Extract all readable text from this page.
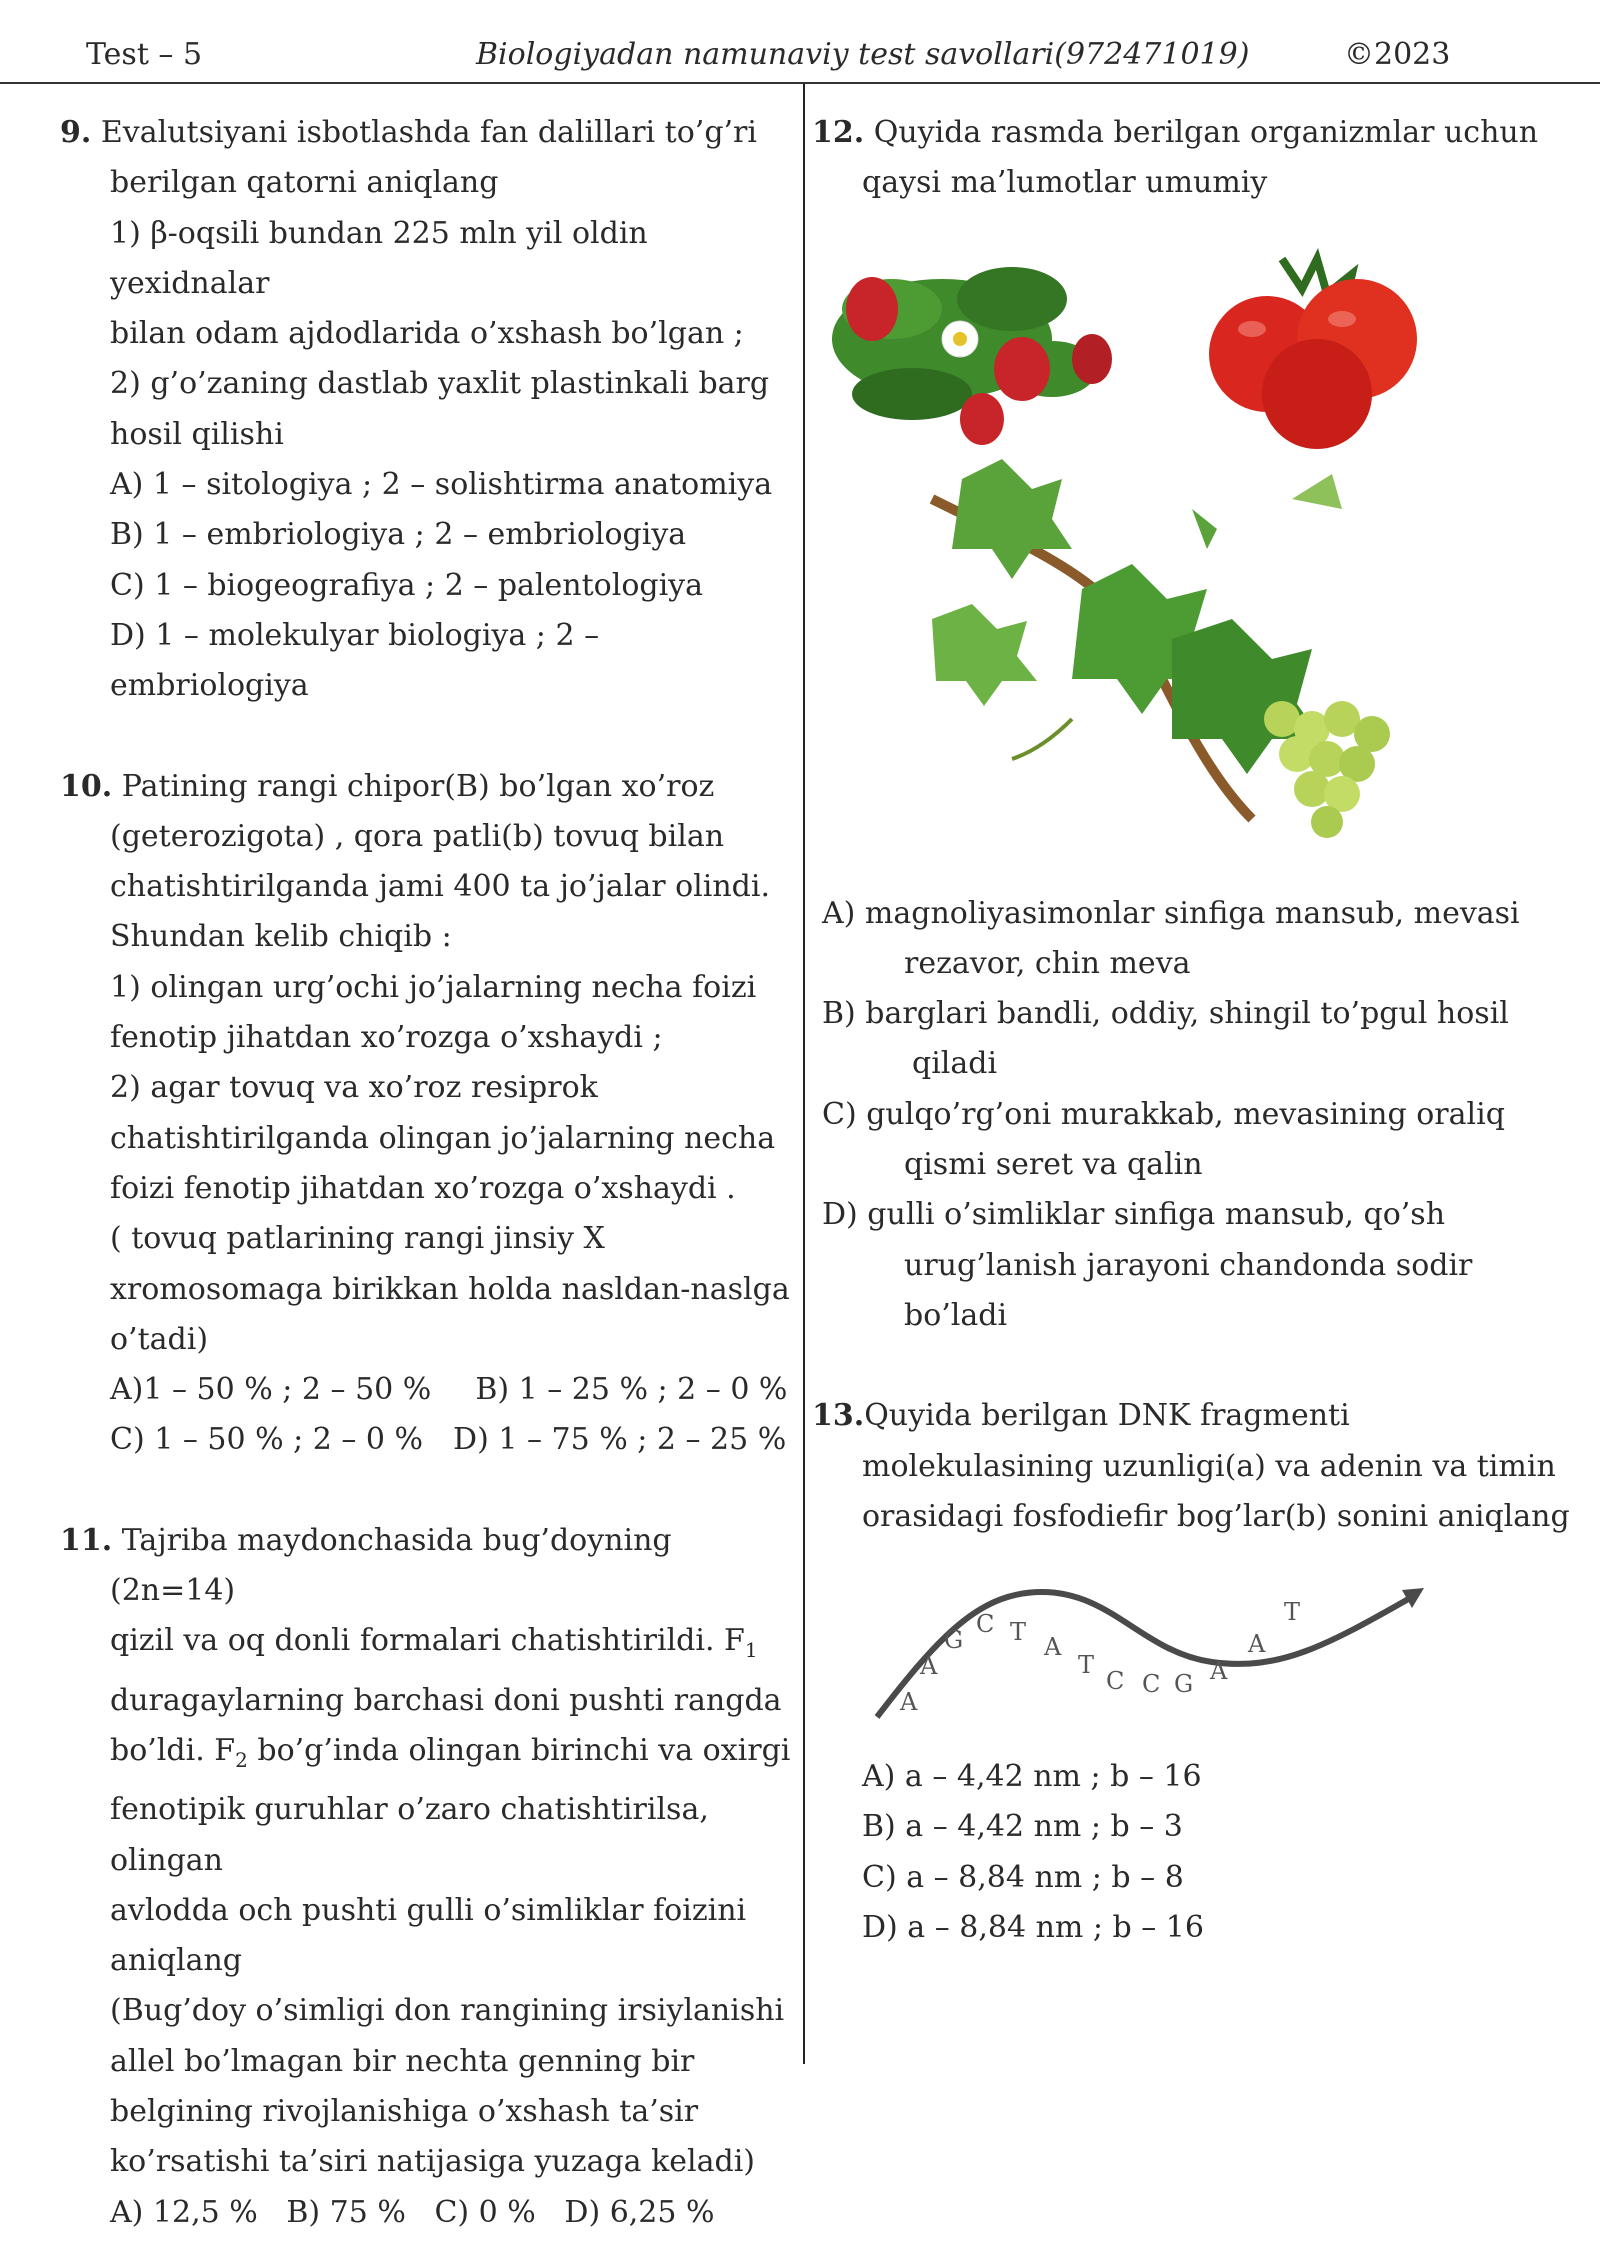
Test – 5	Biologiyadan namunaviy test savollari(972471019)	©2023
9. Evalutsiyani isbotlashda fan dalillari to’g’ri

berilgan qatorni aniqlang

1) β-oqsili bundan 225 mln yil oldin yexidnalar

bilan odam ajdodlarida o’xshash bo’lgan ;

2) g’o’zaning dastlab yaxlit plastinkali barg

hosil qilishi

A) 1 – sitologiya ; 2 – solishtirma anatomiya

B) 1 – embriologiya ; 2 – embriologiya

C) 1 – biogeografiya ; 2 – palentologiya

D) 1 – molekulyar biologiya ; 2 – embriologiya

10. Patining rangi chipor(B) bo’lgan xo’roz

(geterozigota) , qora patli(b) tovuq bilan

chatishtirilganda jami 400 ta jo’jalar olindi.

Shundan kelib chiqib :

1) olingan urg’ochi jo’jalarning necha foizi

fenotip jihatdan xo’rozga o’xshaydi ;

2) agar tovuq va xo’roz resiprok

chatishtirilganda olingan jo’jalarning necha

foizi fenotip jihatdan xo’rozga o’xshaydi .

( tovuq patlarining rangi jinsiy X

xromosomaga birikkan holda nasldan-naslga

o’tadi)

A)1 – 50 % ; 2 – 50 % B) 1 – 25 % ; 2 – 0 %

C) 1 – 50 % ; 2 – 0 % D) 1 – 75 % ; 2 – 25 %

11. Tajriba maydonchasida bug’doyning (2n=14)

qizil va oq donli formalari chatishtirildi. $F_1$

duragaylarning barchasi doni pushti rangda

bo’ldi. $F_2$ bo’g’inda olingan birinchi va oxirgi

fenotipik guruhlar o’zaro chatishtirilsa, olingan

avlodda och pushti gulli o’simliklar foizini

aniqlang

(Bug’doy o’simligi don rangining irsiylanishi

allel bo’lmagan bir nechta genning bir

belgining rivojlanishiga o’xshash ta’sir

ko’rsatishi ta’siri natijasiga yuzaga keladi)

A) 12,5 %   B) 75 %   C) 0 %   D) 6,25 %

12. Quyida rasmda berilgan organizmlar uchun

qaysi ma’lumotlar umumiy

A) magnoliyasimonlar sinfiga mansub, mevasi

rezavor, chin meva

B) barglari bandli, oddiy, shingil to’pgul hosil

qiladi

C) gulqo’rg’oni murakkab, mevasining oraliq

qismi seret va qalin

D) gulli o’simliklar sinfiga mansub, qo’sh

urug’lanish jarayoni chandonda sodir

bo’ladi

13.Quyida berilgan DNK fragmenti

molekulasining uzunligi(a) va adenin va timin

orasidagi fosfodiefir bog’lar(b) sonini aniqlang

A
A
G
C T
A
T
C C G A
A
T

A) a – 4,42 nm ; b – 16

B) a – 4,42 nm ; b – 3

C) a – 8,84 nm ; b – 8

D) a – 8,84 nm ; b – 16
